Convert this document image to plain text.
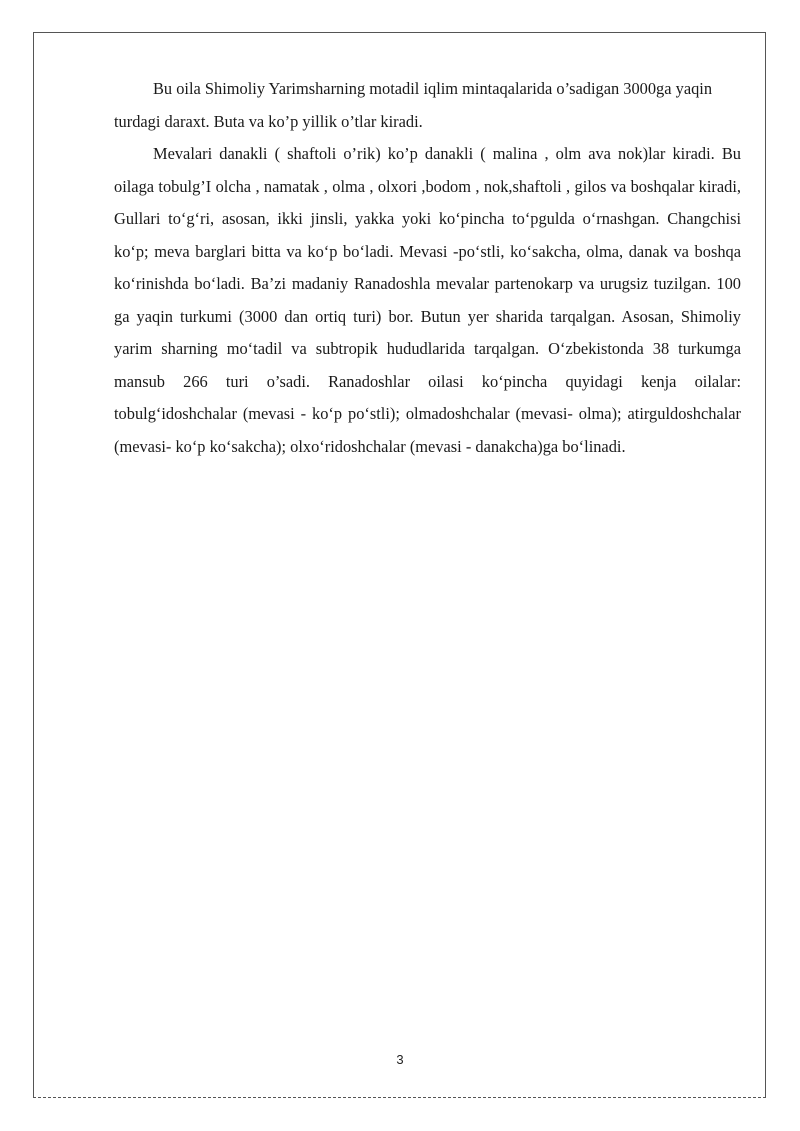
Bu oila Shimoliy Yarimsharning motadil iqlim mintaqalarida o’sadigan 3000ga yaqin turdagi daraxt. Buta va ko’p yillik o’tlar kiradi.

Mevalari danakli ( shaftoli o’rik) ko’p danakli ( malina , olm ava nok)lar kiradi. Bu oilaga tobulg’I olcha , namatak , olma , olxori ,bodom , nok,shaftoli , gilos va boshqalar kiradi, Gullari to‘g‘ri, asosan, ikki jinsli, yakka yoki ko‘pincha to‘pgulda o‘rnashgan. Changchisi ko‘p; meva barglari bitta va ko‘p bo‘ladi. Mevasi -po‘stli, ko‘sakcha, olma, danak va boshqa ko‘rinishda bo‘ladi. Ba’zi madaniy Ranadoshla mevalar partenokarp va urugsiz tuzilgan. 100 ga yaqin turkumi (3000 dan ortiq turi) bor. Butun yer sharida tarqalgan. Asosan, Shimoliy yarim sharning mo‘tadil va subtropik hududlarida tarqalgan. O‘zbekistonda 38 turkumga mansub 266 turi o’sadi. Ranadoshlar oilasi ko‘pincha quyidagi kenja oilalar: tobulg‘idoshchalar (mevasi - ko‘p po‘stli); olmadoshchalar (mevasi- olma); atirguldoshchalar (mevasi- ko‘p ko‘sakcha); olxo‘ridoshchalar (mevasi - danakcha)ga bo‘linadi.

3
